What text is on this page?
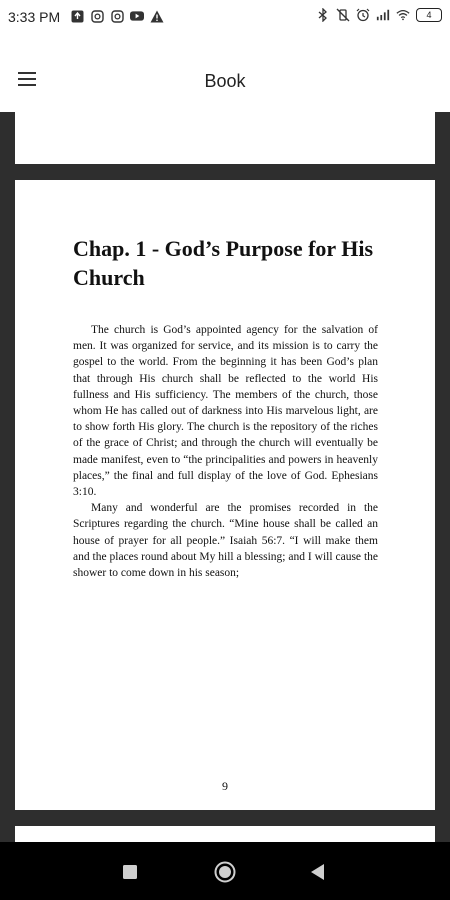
3:33 PM	4
Book
Chap. 1 - God’s Purpose for His Church

The church is God’s appointed agency for the salvation of men. It was organized for service, and its mission is to carry the gospel to the world. From the beginning it has been God’s plan that through His church shall be reflected to the world His fullness and His sufficiency. The members of the church, those whom He has called out of darkness into His marvelous light, are to show forth His glory. The church is the repository of the riches of the grace of Christ; and through the church will eventually be made manifest, even to “the principalities and powers in heavenly places,” the final and full display of the love of God. Ephesians 3:10.

Many and wonderful are the promises recorded in the Scriptures regarding the church. “Mine house shall be called an house of prayer for all people.” Isaiah 56:7. “I will make them and the places round about My hill a blessing; and I will cause the shower to come down in his season;

9
